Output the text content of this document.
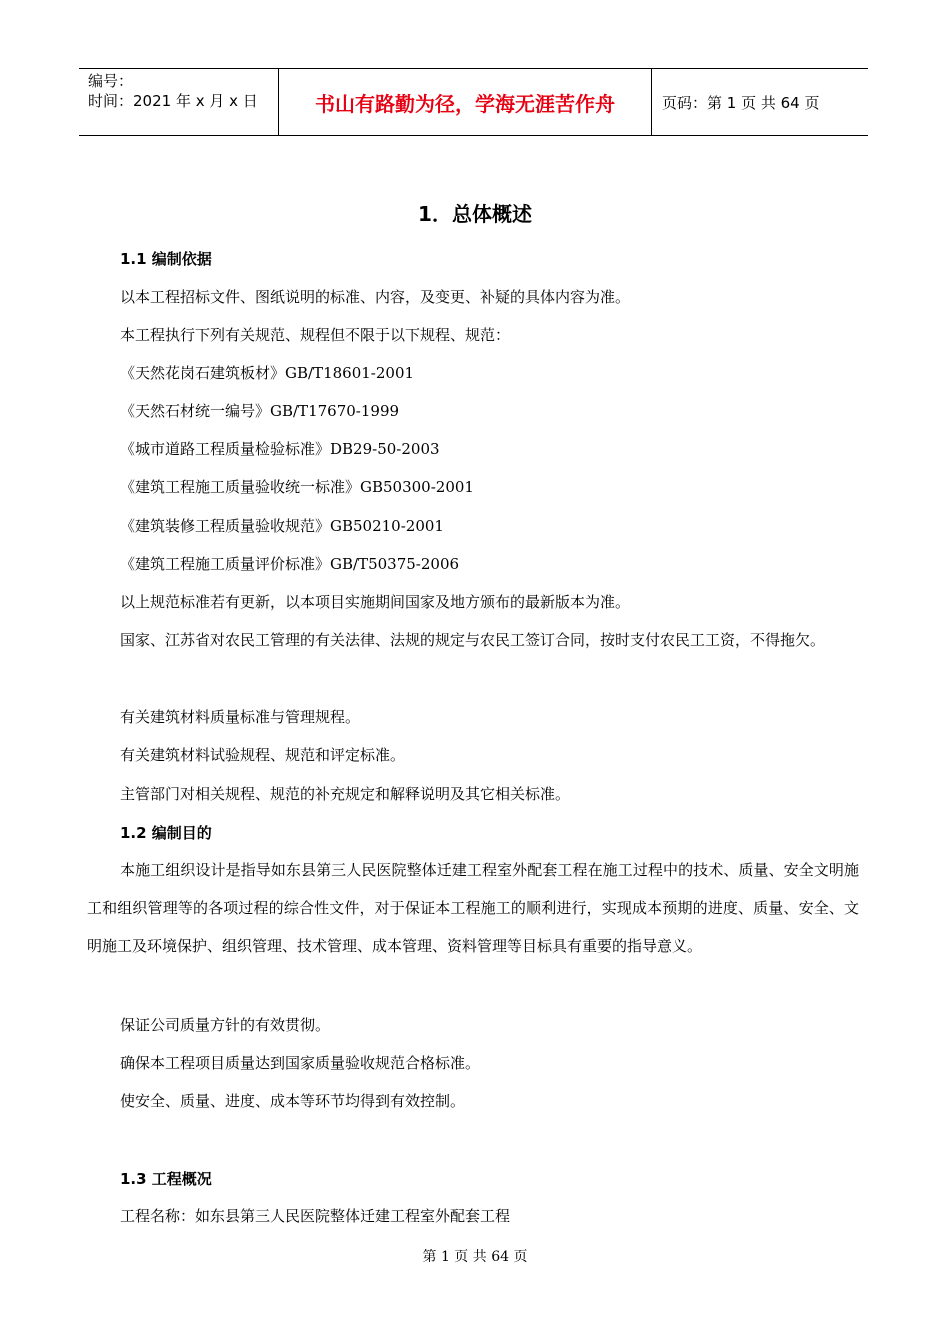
编号：
时间：2021 年 x 月 x 日	书山有路勤为径，学海无涯苦作舟	页码：第 1 页 共 64 页
1．总体概述
1.1 编制依据
以本工程招标文件、图纸说明的标准、内容，及变更、补疑的具体内容为准。
本工程执行下列有关规范、规程但不限于以下规程、规范：
《天然花岗石建筑板材》GB/T18601-2001
《天然石材统一编号》GB/T17670-1999
《城市道路工程质量检验标准》DB29-50-2003
《建筑工程施工质量验收统一标准》GB50300-2001
《建筑装修工程质量验收规范》GB50210-2001
《建筑工程施工质量评价标准》GB/T50375-2006
以上规范标准若有更新，以本项目实施期间国家及地方颁布的最新版本为准。
国家、江苏省对农民工管理的有关法律、法规的规定与农民工签订合同，按时支付农民工工资，不得拖欠。
有关建筑材料质量标准与管理规程。
有关建筑材料试验规程、规范和评定标准。
主管部门对相关规程、规范的补充规定和解释说明及其它相关标准。
1.2 编制目的
本施工组织设计是指导如东县第三人民医院整体迁建工程室外配套工程在施工过程中的技术、质量、安全文明施工和组织管理等的各项过程的综合性文件，对于保证本工程施工的顺利进行，实现成本预期的进度、质量、安全、文明施工及环境保护、组织管理、技术管理、成本管理、资料管理等目标具有重要的指导意义。
保证公司质量方针的有效贯彻。
确保本工程项目质量达到国家质量验收规范合格标准。
使安全、质量、进度、成本等环节均得到有效控制。
1.3 工程概况
工程名称：如东县第三人民医院整体迁建工程室外配套工程
第 1 页 共 64 页
